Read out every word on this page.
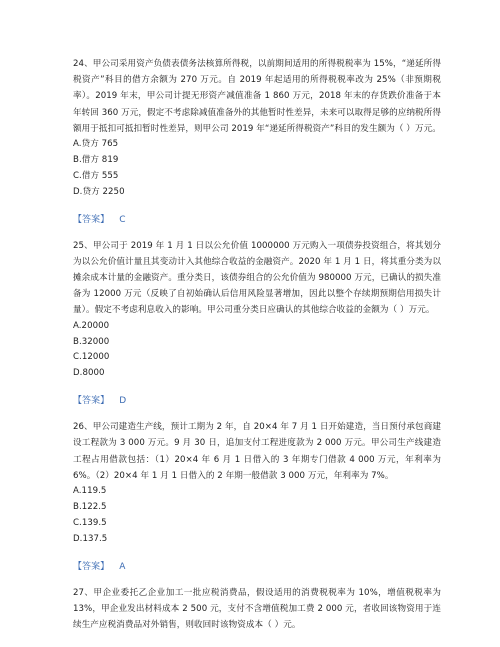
24、甲公司采用资产负债表债务法核算所得税，以前期间适用的所得税税率为 15%，“递延所得税资产”科目的借方余额为 270 万元。自 2019 年起适用的所得税税率改为 25%（非预期税率）。2019 年末，甲公司计提无形资产减值准备 1 860 万元，2018 年末的存货跌价准备于本年转回 360 万元，假定不考虑除减值准备外的其他暂时性差异，未来可以取得足够的应纳税所得额用于抵扣可抵扣暂时性差异，则甲公司 2019 年“递延所得税资产”科目的发生额为（ ）万元。

A.贷方 765
B.借方 819
C.借方 555
D.贷方 2250
【答案】 C

25、甲公司于 2019 年 1 月 1 日以公允价值 1000000 万元购入一项债券投资组合，将其划分为以公允价值计量且其变动计入其他综合收益的金融资产。2020 年 1 月 1 日，将其重分类为以摊余成本计量的金融资产。重分类日，该债券组合的公允价值为 980000 万元，已确认的损失准备为 12000 万元（反映了自初始确认后信用风险显著增加，因此以整个存续期预期信用损失计量）。假定不考虑利息收入的影响。甲公司重分类日应确认的其他综合收益的金额为（ ）万元。

A.20000
B.32000
C.12000
D.8000
【答案】 D

26、甲公司建造生产线，预计工期为 2 年，自 20×4 年 7 月 1 日开始建造，当日预付承包商建设工程款为 3 000 万元。9 月 30 日，追加支付工程进度款为 2 000 万元。甲公司生产线建造工程占用借款包括：（1）20×4 年 6 月 1 日借入的 3 年期专门借款 4 000 万元，年利率为 6%。（2）20×4 年 1 月 1 日借入的 2 年期一般借款 3 000 万元，年利率为 7%。

A.119.5
B.122.5
C.139.5
D.137.5
【答案】 A

27、甲企业委托乙企业加工一批应税消费品，假设适用的消费税税率为 10%，增值税税率为 13%，甲企业发出材料成本 2 500 元，支付不含增值税加工费 2 000 元，者收回该物资用于连续生产应税消费品对外销售，则收回时该物资成本（ ）元。
